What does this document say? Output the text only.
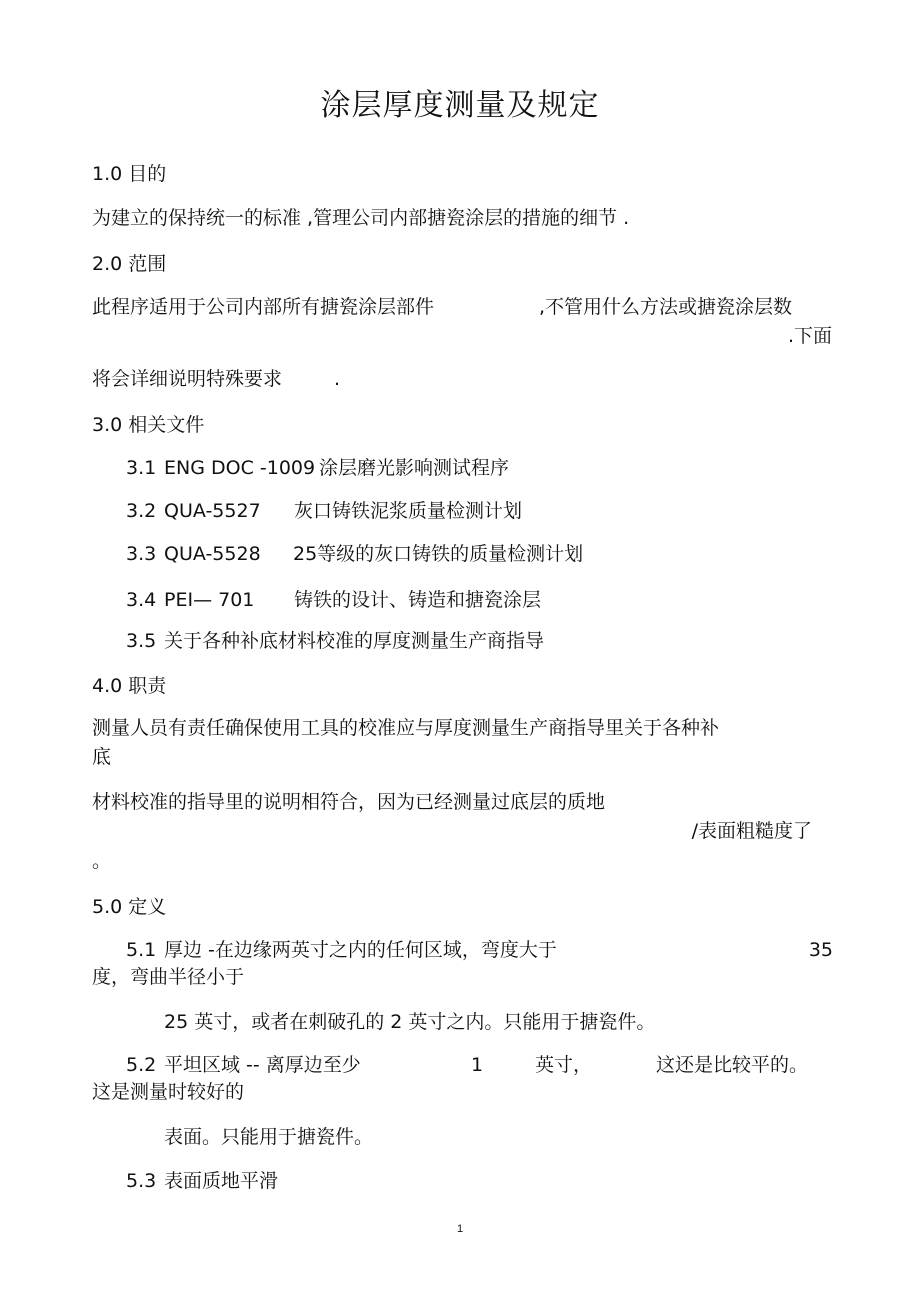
涂层厚度测量及规定
1.0 目的
为建立的保持统一的标准 ,管理公司内部搪瓷涂层的措施的细节 .
2.0 范围
此程序适用于公司内部所有搪瓷涂层部件	,不管用什么方法或搪瓷涂层数
.下面
将会详细说明特殊要求	.
3.0 相关文件
3.1 ENG DOC -1009 涂层磨光影响测试程序
3.2 QUA-5527 灰口铸铁泥浆质量检测计划
3.3 QUA-5528 25等级的灰口铸铁的质量检测计划
3.4 PEI— 701 铸铁的设计、铸造和搪瓷涂层
3.5 关于各种补底材料校准的厚度测量生产商指导
4.0 职责
测量人员有责任确保使用工具的校准应与厚度测量生产商指导里关于各种补
底
材料校准的指导里的说明相符合，因为已经测量过底层的质地
/表面粗糙度了
。
5.0 定义
5.1 厚边 -在边缘两英寸之内的任何区域，弯度大于	35
度，弯曲半径小于
25 英寸，或者在刺破孔的 2 英寸之内。只能用于搪瓷件。
5.2 平坦区域 -- 离厚边至少	1	英寸，	这还是比较平的。
这是测量时较好的
表面。只能用于搪瓷件。
5.3 表面质地平滑
1
